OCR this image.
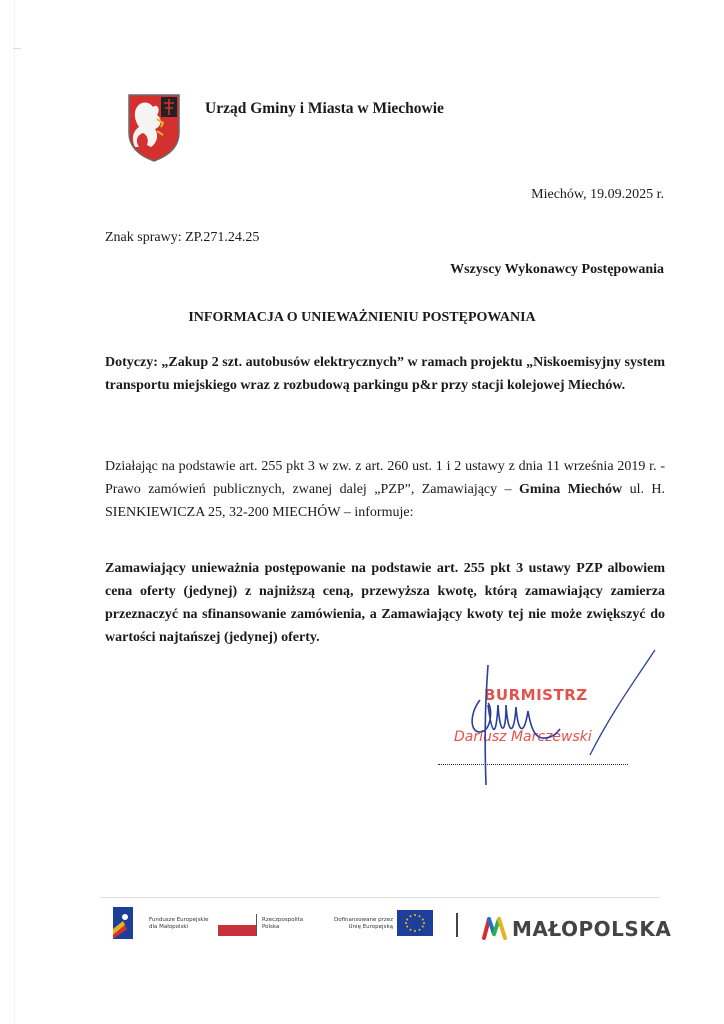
Urząd Gminy i Miasta w Miechowie
Miechów, 19.09.2025 r.
Znak sprawy: ZP.271.24.25
Wszyscy Wykonawcy Postępowania
INFORMACJA O UNIEWAŻNIENIU POSTĘPOWANIA
Dotyczy: „Zakup 2 szt. autobusów elektrycznych” w ramach projektu „Niskoemisyjny system transportu miejskiego wraz z rozbudową parkingu p&r przy stacji kolejowej Miechów.
Działając na podstawie art. 255 pkt 3 w zw. z art. 260 ust. 1 i 2 ustawy z dnia 11 września 2019 r. - Prawo zamówień publicznych, zwanej dalej „PZP”, Zamawiający – Gmina Miechów ul. H. SIENKIEWICZA 25, 32-200 MIECHÓW – informuje:
Zamawiający unieważnia postępowanie na podstawie art. 255 pkt 3 ustawy PZP albowiem cena oferty (jedynej) z najniższą ceną, przewyższa kwotę, którą zamawiający zamierza przeznaczyć na sfinansowanie zamówienia, a Zamawiający kwoty tej nie może zwiększyć do wartości najtańszej (jedynej) oferty.
BURMISTRZ
Dariusz Marczewski
Fundusze Europejskie
dla Małopolski
Rzeczpospolita
Polska
Dofinansowane przez
Unię Europejską	MAŁOPOLSKA
